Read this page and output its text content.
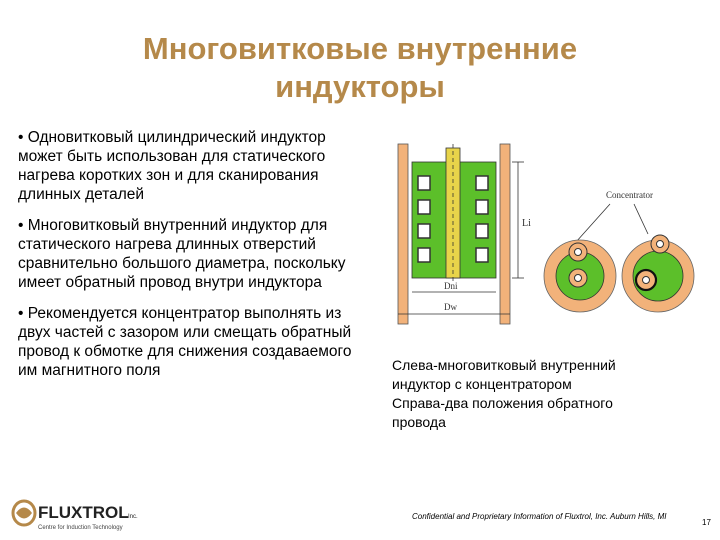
Многовитковые внутренние
индукторы
• Одновитковый цилиндрический индуктор может быть использован для статического нагрева коротких зон и для сканирования длинных деталей
• Многовитковый внутренний индуктор для статического нагрева длинных отверстий сравнительно большого диаметра, поскольку имеет обратный провод внутри индуктора
• Рекомендуется концентратор выполнять из двух частей с зазором или смещать обратный провод к обмотке для снижения создаваемого им магнитного поля
Li
Dni
Dw
Concentrator
Слева-многовитковый внутренний
индуктор с концентратором
Справа-два положения обратного
провода
FLUXTROL Inc.
Centre for Induction Technology
Confidential and Proprietary Information of Fluxtrol, Inc. Auburn Hills, MI
17
